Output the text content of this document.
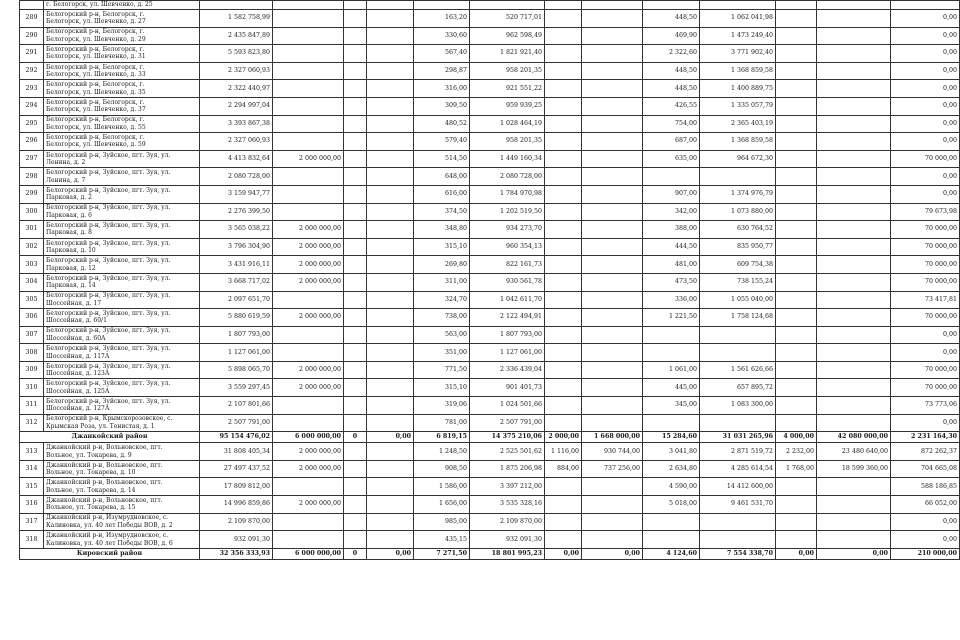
	г. Белогорск, ул. Шевченко, д. 25													
289	Белогорский р-н, Белогорск, г.
Белогорск, ул. Шевченко, д. 27	1 582 758,99				163,20	520 717,01			448,50	1 062 041,98			0,00
290	Белогорский р-н, Белогорск, г.
Белогорск, ул. Шевченко, д. 29	2 435 847,89				330,60	962 598,49			469,90	1 473 249,40			0,00
291	Белогорский р-н, Белогорск, г.
Белогорск, ул. Шевченко, д. 31	5 593 823,80				567,40	1 821 921,40			2 322,60	3 771 902,40			0,00
292	Белогорский р-н, Белогорск, г.
Белогорск, ул. Шевченко, д. 33	2 327 060,93				298,87	958 201,35			448,50	1 368 859,58			0,00
293	Белогорский р-н, Белогорск, г.
Белогорск, ул. Шевченко, д. 35	2 322 440,97				316,00	921 551,22			448,50	1 400 889,75			0,00
294	Белогорский р-н, Белогорск, г.
Белогорск, ул. Шевченко, д. 37	2 294 997,04				309,50	959 939,25			426,55	1 335 057,79			0,00
295	Белогорский р-н, Белогорск, г.
Белогорск, ул. Шевченко, д. 55	3 393 867,38				480,52	1 028 464,19			754,00	2 365 403,19			0,00
296	Белогорский р-н, Белогорск, г.
Белогорск, ул. Шевченко, д. 59	2 327 060,93				579,40	958 201,35			687,00	1 368 859,58			0,00
297	Белогорский р-н, Зуйское, пгт. Зуя, ул.
Ленина, д. 2	4 413 832,64	2 000 000,00			514,50	1 449 160,34			635,00	964 672,30			70 000,00
298	Белогорский р-н, Зуйское, пгт. Зуя, ул.
Ленина, д. 7	2 080 728,00				648,00	2 080 728,00							0,00
299	Белогорский р-н, Зуйское, пгт. Зуя, ул.
Парковая, д. 2	3 159 947,77				616,00	1 784 970,98			907,00	1 374 976,79			0,00
300	Белогорский р-н, Зуйское, пгт. Зуя, ул.
Парковая, д. 6	2 276 399,50				374,50	1 202 519,50			342,00	1 073 880,00			79 673,98
301	Белогорский р-н, Зуйское, пгт. Зуя, ул.
Парковая, д. 8	3 565 038,22	2 000 000,00			348,80	934 273,70			388,00	630 764,52			70 000,00
302	Белогорский р-н, Зуйское, пгт. Зуя, ул.
Парковая, д. 10	3 796 304,90	2 000 000,00			315,10	960 354,13			444,50	835 950,77			70 000,00
303	Белогорский р-н, Зуйское, пгт. Зуя, ул.
Парковая, д. 12	3 431 916,11	2 000 000,00			269,80	822 161,73			481,00	609 754,38			70 000,00
304	Белогорский р-н, Зуйское, пгт. Зуя, ул.
Парковая, д. 14	3 668 717,02	2 000 000,00			311,00	930 561,78			473,50	738 155,24			70 000,00
305	Белогорский р-н, Зуйское, пгт. Зуя, ул.
Шоссейная, д. 17	2 097 651,70				324,70	1 042 611,70			336,00	1 055 040,00			73 417,81
306	Белогорский р-н, Зуйское, пгт. Зуя, ул.
Шоссейная, д. 60/1	5 880 619,59	2 000 000,00			738,00	2 122 494,91			1 221,50	1 758 124,68			70 000,00
307	Белогорский р-н, Зуйское, пгт. Зуя, ул.
Шоссейная, д. 60А	1 807 793,00				563,00	1 807 793,00							0,00
308	Белогорский р-н, Зуйское, пгт. Зуя, ул.
Шоссейная, д. 117А	1 127 061,00				351,00	1 127 061,00							0,00
309	Белогорский р-н, Зуйское, пгт. Зуя, ул.
Шоссейная, д. 123А	5 898 065,70	2 000 000,00			771,50	2 336 439,04			1 061,00	1 561 626,66			70 000,00
310	Белогорский р-н, Зуйское, пгт. Зуя, ул.
Шоссейная, д. 125А	3 559 297,45	2 000 000,00			315,10	901 401,73			445,00	657 895,72			70 000,00
311	Белогорский р-н, Зуйское, пгт. Зуя, ул.
Шоссейная, д. 127А	2 107 801,66				319,06	1 024 501,66			345,00	1 083 300,00			73 773,06
312	Белогорский р-н, Крымскорозовское, с.
Крымская Роза, ул. Тенистая, д. 1	2 507 791,00				781,00	2 507 791,00							0,00
Джанкойский район		95 154 476,02	6 000 000,00	0	0,00	6 819,15	14 375 210,06	2 000,00	1 668 000,00	15 284,60	31 031 265,96	4 000,00	42 080 000,00	2 231 164,30
313	Джанкойский р-н, Вольновское, пгт.
Вольное, ул. Токарева, д. 9	31 808 405,34	2 000 000,00			1 248,50	2 525 501,62	1 116,00	930 744,00	3 041,80	2 871 519,72	2 232,00	23 480 640,00	872 262,37
314	Джанкойский р-н, Вольновское, пгт.
Вольное, ул. Токарева, д. 10	27 497 437,52	2 000 000,00			908,50	1 875 206,98	884,00	737 256,00	2 634,80	4 285 614,54	1 768,00	18 599 360,00	704 665,08
315	Джанкойский р-н, Вольновское, пгт.
Вольное, ул. Токарева, д. 14	17 809 812,00				1 586,00	3 397 212,00			4 590,00	14 412 600,00			588 186,85
316	Джанкойский р-н, Вольновское, пгт.
Вольное, ул. Токарева, д. 15	14 996 859,86	2 000 000,00			1 656,00	3 535 328,16			5 018,00	9 461 531,70			66 052,00
317	Джанкойский р-н, Изумрудновское, с.
Калиновка, ул. 40 лет Победы ВОВ, д. 2	2 109 870,00				985,00	2 109 870,00							0,00
318	Джанкойский р-н, Изумрудновское, с.
Калиновка, ул. 40 лет Победы ВОВ, д. 6	932 091,30				435,15	932 091,30							0,00
Кировский район		32 356 333,93	6 000 000,00	0	0,00	7 271,50	18 801 995,23	0,00	0,00	4 124,60	7 554 338,70	0,00	0,00	210 000,00
